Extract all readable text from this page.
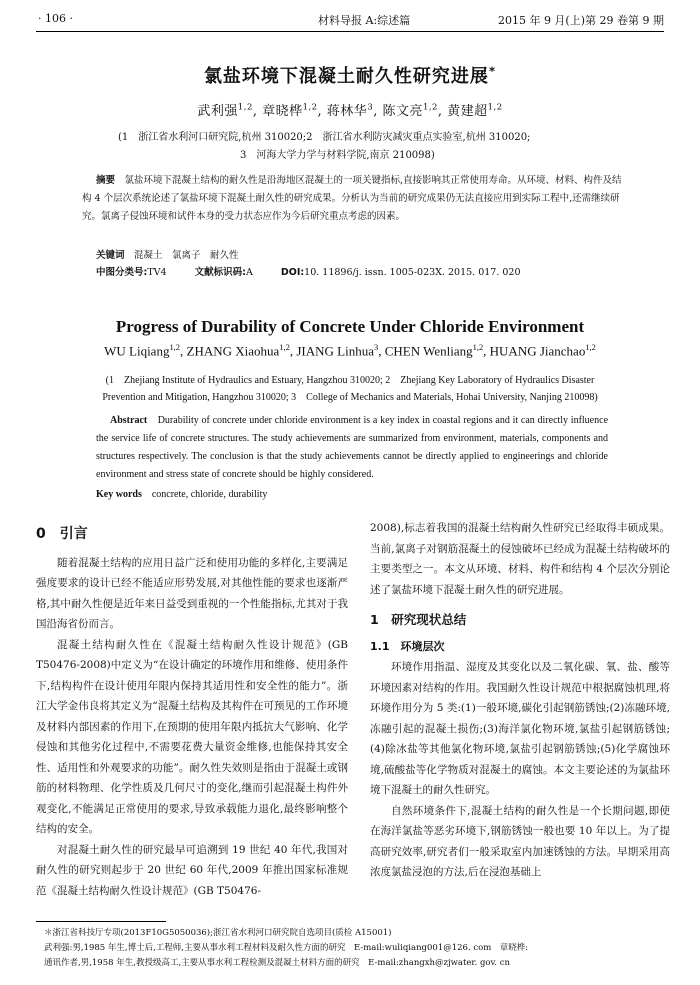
· 106 ·	材料导报 A:综述篇	2015 年 9 月(上)第 29 卷第 9 期
氯盐环境下混凝土耐久性研究进展*
武利强$^{1,2}$, 章晓桦$^{1,2}$, 蒋林华$^3$, 陈文亮$^{1,2}$, 黄建超$^{1,2}$
(1　浙江省水利河口研究院,杭州 310020;2　浙江省水利防灾减灾重点实验室,杭州 310020;
3　河海大学力学与材料学院,南京 210098)
摘要　 氯盐环境下混凝土结构的耐久性是沿海地区混凝土的一项关键指标,直接影响其正常使用寿命。从环境、材料、构件及结构 4 个层次系统论述了氯盐环境下混凝土耐久性的研究成果。分析认为当前的研究成果仍无法直接应用到实际工程中,还需继续研究。氯离子侵蚀环境和试件本身的受力状态应作为今后研究重点考虑的因素。
关键词　 混凝土　氯离子　耐久性
中图分类号:TV4	文献标识码:A	DOI:10. 11896/j. issn. 1005-023X. 2015. 017. 020
Progress of Durability of Concrete Under Chloride Environment
WU Liqiang$^{1,2}$, ZHANG Xiaohua$^{1,2}$, JIANG Linhua$^3$, CHEN Wenliang$^{1,2}$, HUANG Jianchao$^{1,2}$
(1　Zhejiang Institute of Hydraulics and Estuary, Hangzhou 310020; 2　Zhejiang Key Laboratory of Hydraulics Disaster
Prevention and Mitigation, Hangzhou 310020; 3　College of Mechanics and Materials, Hohai University, Nanjing 210098)
Abstract　 Durability of concrete under chloride environment is a key index in coastal regions and it can directly influence the service life of concrete structures. The study achievements are summarized from environment, materials, components and structures respectively. The conclusion is that the study achievements cannot be directly applied to engineerings and chloride environment and stress state of concrete should be highly considered.
Key words　 concrete, chloride, durability
0　 引言

随着混凝土结构的应用日益广泛和使用功能的多样化,主要满足强度要求的设计已经不能适应形势发展,对其他性能的要求也逐渐严格,其中耐久性便是近年来日益受到重视的一个性能指标,尤其对于我国沿海省份而言。

混凝土结构耐久性在《混凝土结构耐久性设计规范》(GB T50476-2008)中定义为“在设计确定的环境作用和维修、使用条件下,结构构件在设计使用年限内保持其适用性和安全性的能力”。浙江大学金伟良将其定义为“混凝土结构及其构件在可预见的工作环境及材料内部因素的作用下,在预期的使用年限内抵抗大气影响、化学侵蚀和其他劣化过程中,不需要花费大量资金维修,也能保持其安全性、适用性和外观要求的功能”。耐久性失效则是指由于混凝土或钢筋的材料物理、化学性质及几何尺寸的变化,继而引起混凝土构件外观变化,不能满足正常使用的要求,导致承载能力退化,最终影响整个结构的安全。

对混凝土耐久性的研究最早可追溯到 19 世纪 40 年代,我国对耐久性的研究则起步于 20 世纪 60 年代,2009 年推出国家标准规范《混凝土结构耐久性设计规范》(GB T50476-

2008),标志着我国的混凝土结构耐久性研究已经取得丰硕成果。当前,氯离子对钢筋混凝土的侵蚀破坏已经成为混凝土结构破坏的主要类型之一。本文从环境、材料、构件和结构 4 个层次分别论述了氯盐环境下混凝土耐久性的研究进展。

1　 研究现状总结
1.1　 环境层次

环境作用指温、湿度及其变化以及二氧化碳、氧、盐、酸等环境因素对结构的作用。我国耐久性设计规范中根据腐蚀机理,将环境作用分为 5 类:(1)一般环境,碳化引起钢筋锈蚀;(2)冻融环境,冻融引起的混凝土损伤;(3)海洋氯化物环境,氯盐引起钢筋锈蚀;(4)除冰盐等其他氯化物环境,氯盐引起钢筋锈蚀;(5)化学腐蚀环境,硫酸盐等化学物质对混凝土的腐蚀。本文主要论述的为氯盐环境下混凝土的耐久性研究。

自然环境条件下,混凝土结构的耐久性是一个长期问题,即使在海洋氯盐等恶劣环境下,钢筋锈蚀一般也要 10 年以上。为了提高研究效率,研究者们一般采取室内加速锈蚀的方法。早期采用高浓度氯盐浸泡的方法,后在浸泡基础上

＊浙江省科技厅专项(2013F10G5050036);浙江省水利河口研究院自选项目(质检 A15001)
武利强:男,1985 年生,博士后,工程师,主要从事水利工程材料及耐久性方面的研究　E-mail:wuliqiang001@126. com　章晓桦:
通讯作者,男,1958 年生,教授级高工,主要从事水利工程检测及混凝土材料方面的研究　E-mail:zhangxh@zjwater. gov. cn
